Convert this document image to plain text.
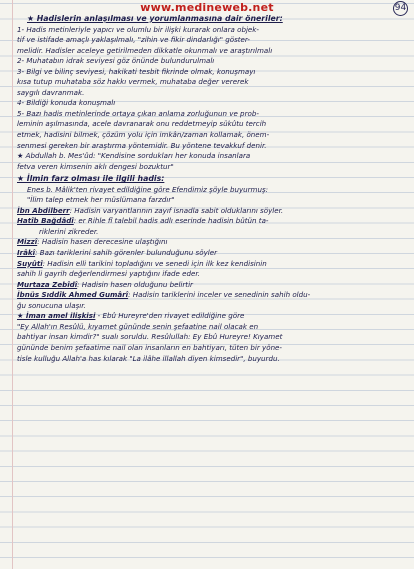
www.medineweb.net	94

★ Hadislerin anlaşılması ve yorumlanmasına dair öneriler:

1- Hadis metinleriyle yapıcı ve olumlu bir ilişki kurarak onlara objek-

tif ve istifade amaçlı yaklaşılmalı, "zihin ve fikir dindarlığı" göster-

melidir. Hadisler aceleye getirilmeden dikkatle okunmalı ve araştırılmalı

2- Muhatabın idrak seviyesi göz önünde bulundurulmalı

3- Bilgi ve bilinç seviyesi, hakikati tesbit fikrinde olmak, konuşmayı

kısa tutup muhataba söz hakkı vermek, muhataba değer vererek

saygılı davranmak.

4- Bildiği konuda konuşmalı

5- Bazı hadis metinlerinde ortaya çıkan anlama zorluğunun ve prob-

leminin aşılmasında, acele davranarak onu reddetmeyip sükûtu tercih

etmek, hadisini bilmek, çözüm yolu için imkân/zaman kollamak, önem-

senmesi gereken bir araştırma yöntemidir. Bu yöntene tevakkuf denir.

★ Abdullah b. Mes'ûd: "Kendisine sordukları her konuda insanlara

fetva veren kimsenin aklı dengesi bozuktur"

★ İlmin farz olması ile ilgili hadis:

Enes b. Mâlik'ten rivayet edildiğine göre Efendimiz şöyle buyurmuş:

"İlim talep etmek her müslümana farzdır"

İbn Abdilberr: Hadisin varyantlarının zayıf isnadla sabit olduklarını söyler.

Hatîb Bağdâdî: er Rihle fî talebil hadis adlı eserinde hadisin bütün ta-

riklerini zikreder.

Mizzî: Hadisin hasen derecesine ulaştığını

Irâkî: Bazı tariklerini sahih görenler bulunduğunu söyler

Suyûtî: Hadisin elli tarikini topladığını ve senedi için ilk kez kendisinin

sahih li gayrih değerlendirmesi yaptığını ifade eder.

Murtaza Zebîdî: Hadisin hasen olduğunu belirtir

İbnüs Sıddîk Ahmed Gumârî: Hadisin tariklerini inceler ve senedinin sahih oldu-

ğu sonucuna ulaşır.

★ İman amel ilişkisi - Ebû Hureyre'den rivayet edildiğine göre

"Ey Allah'ın Resûlü, kıyamet gününde senin şefaatine nail olacak en

bahtiyar insan kimdir?" sualı soruldu. Resûlullah: Ey Ebû Hureyre! Kıyamet

gününde benim şefaatime nail olan insanların en bahtiyarı, tüten bir yöne-

tisle kulluğu Allah'a has kılarak "La ilâhe illallah diyen kimsedir", buyurdu.
